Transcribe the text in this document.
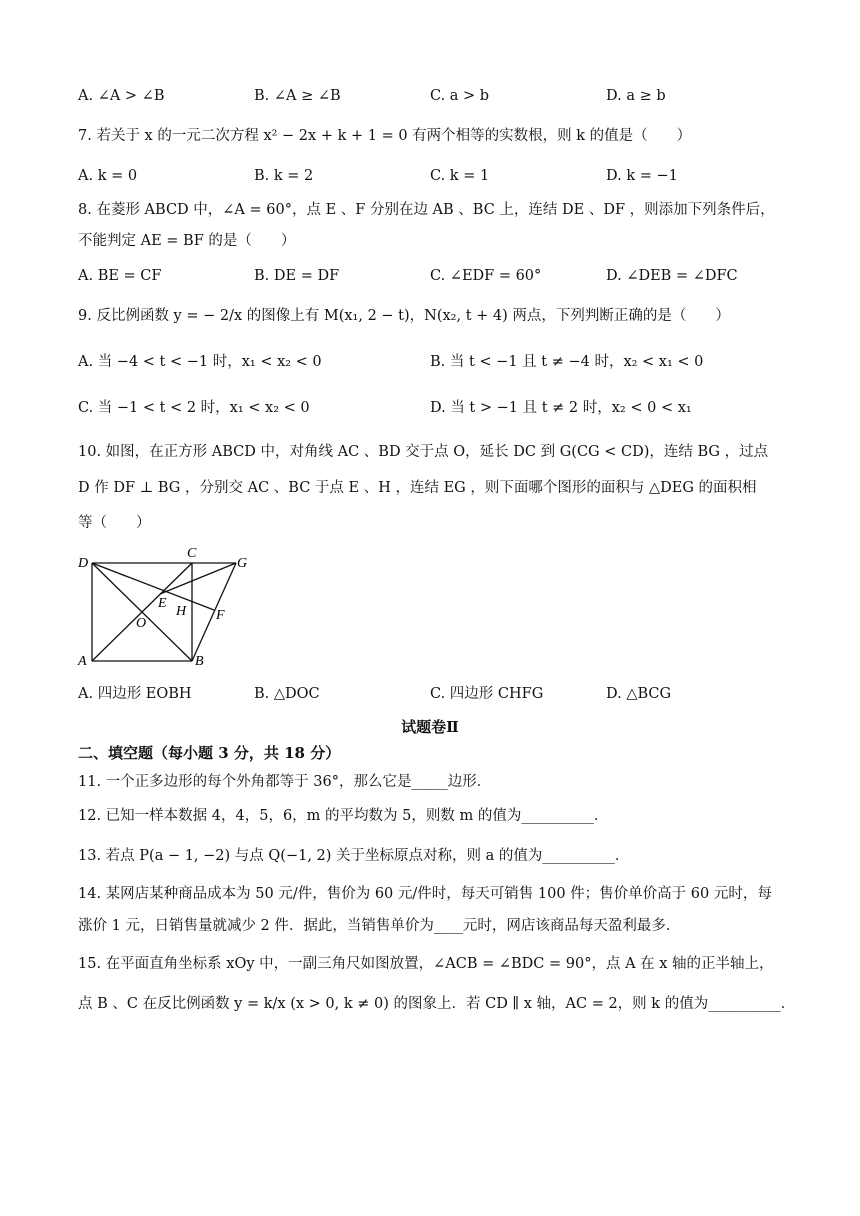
A. ∠A > ∠B	B. ∠A ≥ ∠B	C. a > b	D. a ≥ b
7. 若关于 x 的一元二次方程 x² − 2x + k + 1 = 0 有两个相等的实数根，则 k 的值是（　　）
A. k = 0	B. k = 2	C. k = 1	D. k = −1
8. 在菱形 ABCD 中，∠A = 60°，点 E 、F 分别在边 AB 、BC 上，连结 DE 、DF ，则添加下列条件后，
不能判定 AE = BF 的是（　　）
A. BE = CF	B. DE = DF	C. ∠EDF = 60°	D. ∠DEB = ∠DFC
9. 反比例函数 y = − 2/x 的图像上有 M(x₁, 2 − t)，N(x₂, t + 4) 两点，下列判断正确的是（　　）
A. 当 −4 < t < −1 时，x₁ < x₂ < 0	B. 当 t < −1 且 t ≠ −4 时，x₂ < x₁ < 0
C. 当 −1 < t < 2 时，x₁ < x₂ < 0	D. 当 t > −1 且 t ≠ 2 时，x₂ < 0 < x₁
10. 如图，在正方形 ABCD 中，对角线 AC 、BD 交于点 O，延长 DC 到 G(CG < CD)，连结 BG ，过点
D 作 DF ⊥ BG ，分别交 AC 、BC 于点 E 、H ，连结 EG ，则下面哪个图形的面积与 △DEG 的面积相
等（　　）
D
C
G
E
H F
O
A	B
A. 四边形 EOBH	B. △DOC	C. 四边形 CHFG	D. △BCG
试题卷Ⅱ
二、填空题（每小题 3 分，共 18 分）
11. 一个正多边形的每个外角都等于 36°，那么它是_____边形．
12. 已知一样本数据 4，4，5，6，m 的平均数为 5，则数 m 的值为__________．
13. 若点 P(a − 1, −2) 与点 Q(−1, 2) 关于坐标原点对称，则 a 的值为__________．
14. 某网店某种商品成本为 50 元/件，售价为 60 元/件时，每天可销售 100 件；售价单价高于 60 元时，每
涨价 1 元，日销售量就减少 2 件．据此，当销售单价为____元时，网店该商品每天盈利最多．
15. 在平面直角坐标系 xOy 中，一副三角尺如图放置，∠ACB = ∠BDC = 90°，点 A 在 x 轴的正半轴上，
点 B 、C 在反比例函数 y = k/x (x > 0, k ≠ 0) 的图象上．若 CD ∥ x 轴，AC = 2，则 k 的值为__________．
